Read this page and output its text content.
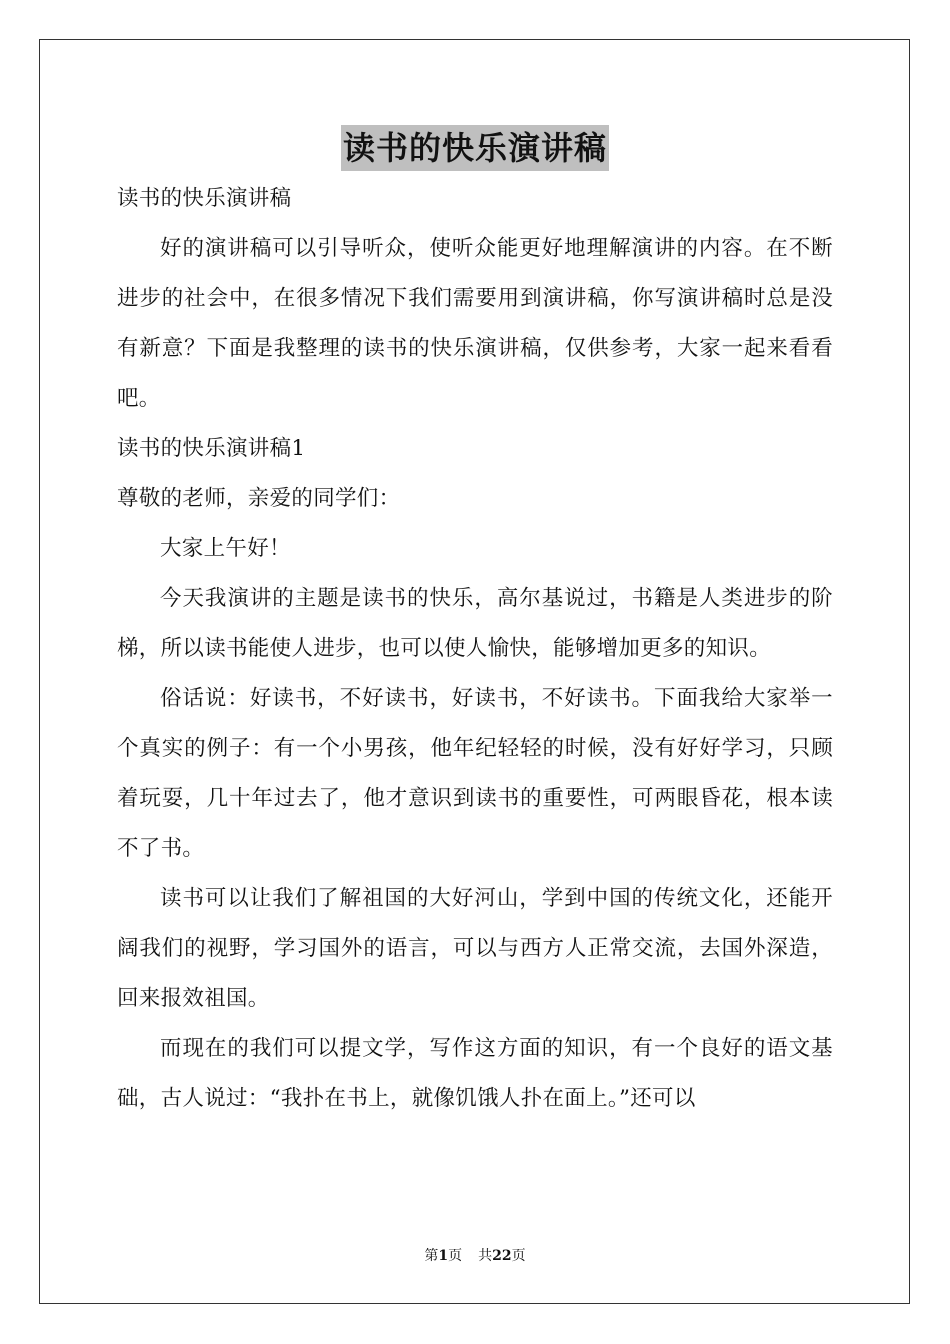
读书的快乐演讲稿

读书的快乐演讲稿

好的演讲稿可以引导听众，使听众能更好地理解演讲的内容。在不断进步的社会中，在很多情况下我们需要用到演讲稿，你写演讲稿时总是没有新意？下面是我整理的读书的快乐演讲稿，仅供参考，大家一起来看看吧。

读书的快乐演讲稿1

尊敬的老师，亲爱的同学们：

大家上午好！

今天我演讲的主题是读书的快乐，高尔基说过，书籍是人类进步的阶梯，所以读书能使人进步，也可以使人愉快，能够增加更多的知识。

俗话说：好读书，不好读书，好读书，不好读书。下面我给大家举一个真实的例子：有一个小男孩，他年纪轻轻的时候，没有好好学习，只顾着玩耍，几十年过去了，他才意识到读书的重要性，可两眼昏花，根本读不了书。

读书可以让我们了解祖国的大好河山，学到中国的传统文化，还能开阔我们的视野，学习国外的语言，可以与西方人正常交流，去国外深造，回来报效祖国。

而现在的我们可以提文学，写作这方面的知识，有一个良好的语文基础，古人说过：“我扑在书上，就像饥饿人扑在面上。”还可以

第1页 共22页
